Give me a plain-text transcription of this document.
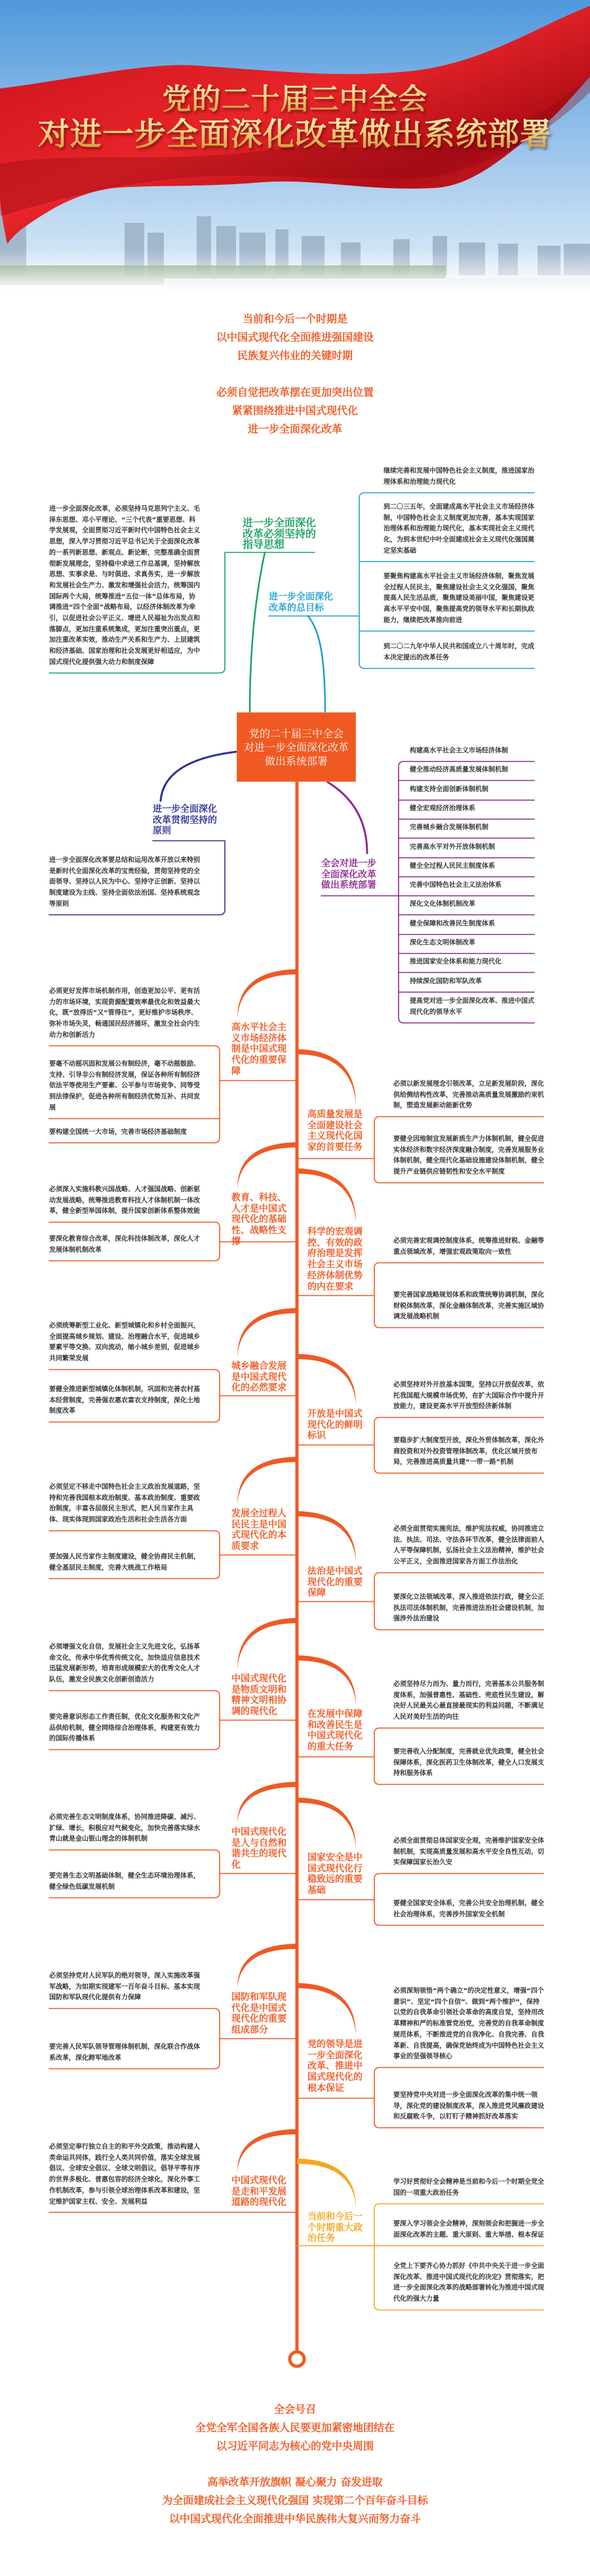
党的二十届三中全会
对进一步全面深化改革做出系统部署
当前和今后一个时期是
以中国式现代化全面推进强国建设
民族复兴伟业的关键时期
必须自觉把改革摆在更加突出位置
紧紧围绕推进中国式现代化
进一步全面深化改革
党的二十届三中全会
对进一步全面深化改革
做出系统部署
进一步全面深化改革必须坚持的指导思想
进一步全面深化改革，必须坚持马克思列宁主义、毛泽东思想、邓小平理论、“三个代表”重要思想、科学发展观，全面贯彻习近平新时代中国特色社会主义思想，深入学习贯彻习近平总书记关于全面深化改革的一系列新思想、新观点、新论断，完整准确全面贯彻新发展理念，坚持稳中求进工作总基调，坚持解放思想、实事求是、与时俱进、求真务实，进一步解放和发展社会生产力、激发和增强社会活力，统筹国内国际两个大局，统筹推进“五位一体”总体布局，协调推进“四个全面”战略布局，以经济体制改革为牵引，以促进社会公平正义、增进人民福祉为出发点和落脚点，更加注重系统集成，更加注重突出重点，更加注重改革实效，推动生产关系和生产力、上层建筑和经济基础、国家治理和社会发展更好相适应，为中国式现代化提供强大动力和制度保障
进一步全面深化改革的总目标
继续完善和发展中国特色社会主义制度，推进国家治理体系和治理能力现代化
到二〇三五年，全面建成高水平社会主义市场经济体制，中国特色社会主义制度更加完善，基本实现国家治理体系和治理能力现代化，基本实现社会主义现代化，为到本世纪中叶全面建成社会主义现代化强国奠定坚实基础
要聚焦构建高水平社会主义市场经济体制，聚焦发展全过程人民民主，聚焦建设社会主义文化强国，聚焦提高人民生活品质，聚焦建设美丽中国，聚焦建设更高水平平安中国，聚焦提高党的领导水平和长期执政能力，继续把改革推向前进
到二〇二九年中华人民共和国成立八十周年时，完成本决定提出的改革任务
进一步全面深化改革贯彻坚持的原则
进一步全面深化改革要总结和运用改革开放以来特别是新时代全面深化改革的宝贵经验，贯彻坚持党的全面领导、坚持以人民为中心、坚持守正创新、坚持以制度建设为主线、坚持全面依法治国、坚持系统观念等原则
全会对进一步全面深化改革做出系统部署
构建高水平社会主义市场经济体制
健全推动经济高质量发展体制机制
构建支持全面创新体制机制
健全宏观经济治理体系
完善城乡融合发展体制机制
完善高水平对外开放体制机制
健全全过程人民民主制度体系
完善中国特色社会主义法治体系
深化文化体制机制改革
健全保障和改善民生制度体系
深化生态文明体制改革
推进国家安全体系和能力现代化
持续深化国防和军队改革
提高党对进一步全面深化改革、推进中国式现代化的领导水平
高水平社会主义市场经济体制是中国式现代化的重要保障
必须更好发挥市场机制作用，创造更加公平、更有活力的市场环境，实现资源配置效率最优化和效益最大化，既“放得活”又“管得住”，更好维护市场秩序、弥补市场失灵，畅通国民经济循环，激发全社会内生动力和创新活力
要毫不动摇巩固和发展公有制经济，毫不动摇鼓励、支持、引导非公有制经济发展，保证各种所有制经济依法平等使用生产要素、公平参与市场竞争、同等受到法律保护，促进各种所有制经济优势互补、共同发展
要构建全国统一大市场，完善市场经济基础制度
高质量发展是全面建设社会主义现代化国家的首要任务
必须以新发展理念引领改革，立足新发展阶段，深化供给侧结构性改革，完善推动高质量发展激励约束机制，塑造发展新动能新优势
要健全因地制宜发展新质生产力体制机制，健全促进实体经济和数字经济深度融合制度，完善发展服务业体制机制，健全现代化基础设施建设体制机制，健全提升产业链供应链韧性和安全水平制度
教育、科技、人才是中国式现代化的基础性、战略性支撑
必须深入实施科教兴国战略、人才强国战略、创新驱动发展战略，统筹推进教育科技人才体制机制一体改革，健全新型举国体制，提升国家创新体系整体效能
要深化教育综合改革，深化科技体制改革，深化人才发展体制机制改革
科学的宏观调控、有效的政府治理是发挥社会主义市场经济体制优势的内在要求
必须完善宏观调控制度体系，统筹推进财税、金融等重点领域改革，增强宏观政策取向一致性
要完善国家战略规划体系和政策统筹协调机制，深化财税体制改革，深化金融体制改革，完善实施区域协调发展战略机制
城乡融合发展是中国式现代化的必然要求
必须统筹新型工业化、新型城镇化和乡村全面振兴，全面提高城乡规划、建设、治理融合水平，促进城乡要素平等交换、双向流动，缩小城乡差别，促进城乡共同繁荣发展
要健全推进新型城镇化体制机制，巩固和完善农村基本经营制度，完善强农惠农富农支持制度，深化土地制度改革	开放是中国式现代化的鲜明标识
必须坚持对外开放基本国策，坚持以开放促改革，依托我国超大规模市场优势，在扩大国际合作中提升开放能力，建设更高水平开放型经济新体制
要稳步扩大制度型开放，深化外贸体制改革，深化外商投资和对外投资管理体制改革，优化区域开放布局，完善推进高质量共建“一带一路”机制
发展全过程人民民主是中国式现代化的本质要求
必须坚定不移走中国特色社会主义政治发展道路，坚持和完善我国根本政治制度、基本政治制度、重要政治制度，丰富各层级民主形式，把人民当家作主具体、现实体现到国家政治生活和社会生活各方面
要加强人民当家作主制度建设，健全协商民主机制，健全基层民主制度，完善大统战工作格局	法治是中国式现代化的重要保障
必须全面贯彻实施宪法，维护宪法权威，协同推进立法、执法、司法、守法各环节改革，健全法律面前人人平等保障机制，弘扬社会主义法治精神，维护社会公平正义，全面推进国家各方面工作法治化
要深化立法领域改革，深入推进依法行政，健全公正执法司法体制机制，完善推进法治社会建设机制，加强涉外法治建设
中国式现代化是物质文明和精神文明相协调的现代化
必须增强文化自信，发展社会主义先进文化，弘扬革命文化，传承中华优秀传统文化，加快适应信息技术迅猛发展新形势，培育形成规模宏大的优秀文化人才队伍，激发全民族文化创新创造活力
要完善意识形态工作责任制，优化文化服务和文化产品供给机制，健全网络综合治理体系，构建更有效力的国际传播体系
在发展中保障和改善民生是中国式现代化的重大任务
必须坚持尽力而为、量力而行，完善基本公共服务制度体系，加强普惠性、基础性、兜底性民生建设，解决好人民最关心最直接最现实的利益问题，不断满足人民对美好生活的向往
要完善收入分配制度，完善就业优先政策，健全社会保障体系，深化医药卫生体制改革，健全人口发展支持和服务体系
中国式现代化是人与自然和谐共生的现代化
必须完善生态文明制度体系，协同推进降碳、减污、扩绿、增长，积极应对气候变化，加快完善落实绿水青山就是金山银山理念的体制机制
要完善生态文明基础体制，健全生态环境治理体系，健全绿色低碳发展机制
国家安全是中国式现代化行稳致远的重要基础
必须全面贯彻总体国家安全观，完善维护国家安全体制机制，实现高质量发展和高水平安全良性互动，切实保障国家长治久安
要健全国家安全体系，完善公共安全治理机制，健全社会治理体系，完善涉外国家安全机制
国防和军队现代化是中国式现代化的重要组成部分
必须坚持党对人民军队的绝对领导，深入实施改革强军战略，为如期实现建军一百年奋斗目标、基本实现国防和军队现代化提供有力保障
要完善人民军队领导管理体制机制，深化联合作战体系改革，深化跨军地改革
党的领导是进一步全面深化改革、推进中国式现代化的根本保证
必须深刻领悟“两个确立”的决定性意义，增强“四个意识”、坚定“四个自信”、做到“两个维护”，保持以党的自我革命引领社会革命的高度自觉，坚持用改革精神和严的标准管党治党，完善党的自我革命制度规范体系，不断推进党的自我净化、自我完善、自我革新、自我提高，确保党始终成为中国特色社会主义事业的坚强领导核心
要坚持党中央对进一步全面深化改革的集中统一领导，深化党的建设制度改革，深入推进党风廉政建设和反腐败斗争，以钉钉子精神抓好改革落实
中国式现代化是走和平发展道路的现代化
必须坚定奉行独立自主的和平外交政策，推动构建人类命运共同体，践行全人类共同价值，落实全球发展倡议、全球安全倡议、全球文明倡议，倡导平等有序的世界多极化、普惠包容的经济全球化，深化外事工作机制改革，参与引领全球治理体系改革和建设，坚定维护国家主权、安全、发展利益
当前和今后一个时期重大政治任务
学习好贯彻好全会精神是当前和今后一个时期全党全国的一项重大政治任务
要深入学习领会全会精神，深刻领会和把握进一步全面深化改革的主题、重大原则、重大举措、根本保证
全党上下要齐心协力抓好《中共中央关于进一步全面深化改革、推进中国式现代化的决定》贯彻落实，把进一步全面深化改革的战略部署转化为推进中国式现代化的强大力量
全会号召
全党全军全国各族人民要更加紧密地团结在
以习近平同志为核心的党中央周围
高举改革开放旗帜 凝心聚力 奋发进取
为全面建成社会主义现代化强国 实现第二个百年奋斗目标
以中国式现代化全面推进中华民族伟大复兴而努力奋斗
